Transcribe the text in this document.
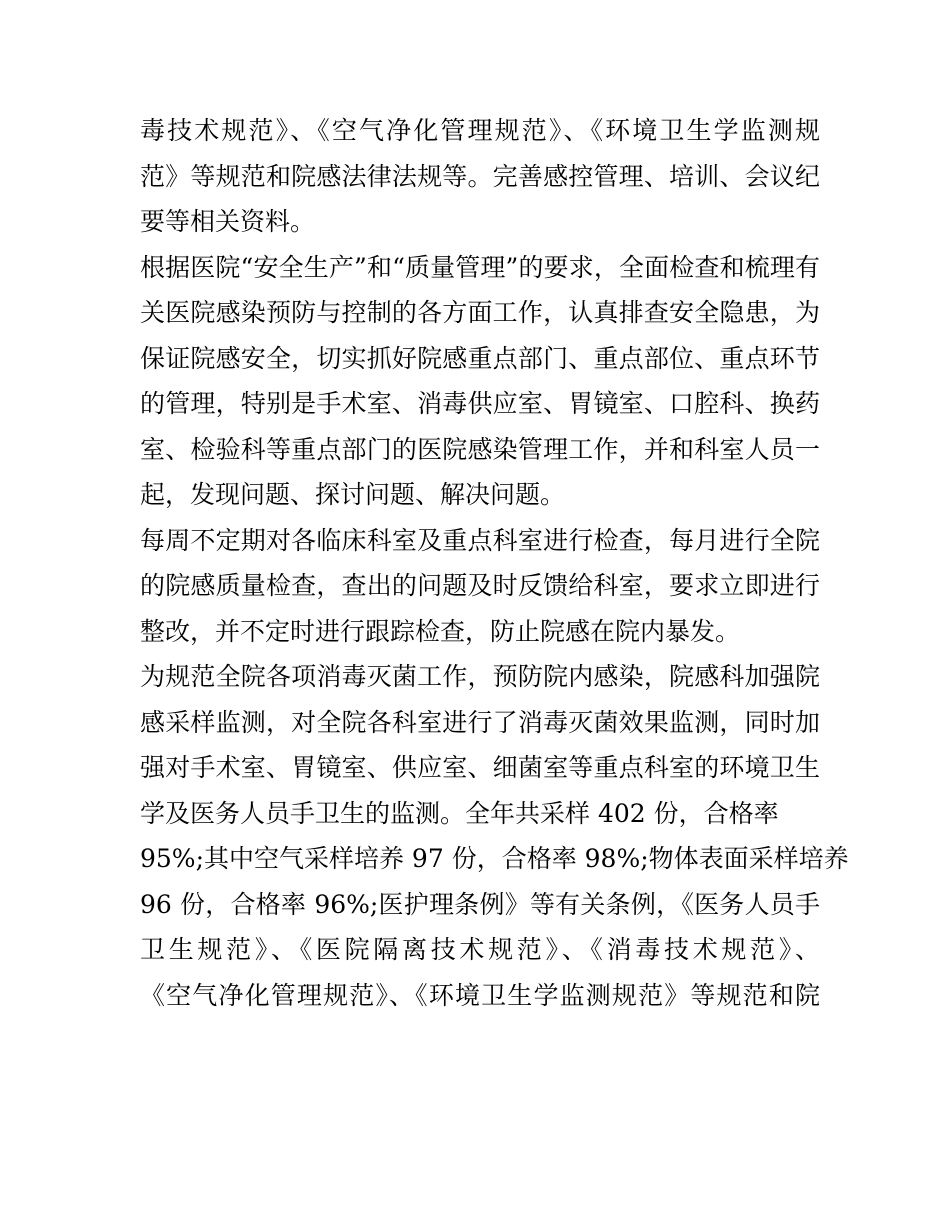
毒技术规范》、《空气净化管理规范》、《环境卫生学监测规
范》等规范和院感法律法规等。完善感控管理、培训、会议纪
要等相关资料。
根据医院“安全生产”和“质量管理”的要求，全面检查和梳理有
关医院感染预防与控制的各方面工作，认真排查安全隐患，为
保证院感安全，切实抓好院感重点部门、重点部位、重点环节
的管理，特别是手术室、消毒供应室、胃镜室、口腔科、换药
室、检验科等重点部门的医院感染管理工作，并和科室人员一
起，发现问题、探讨问题、解决问题。
每周不定期对各临床科室及重点科室进行检查，每月进行全院
的院感质量检查，查出的问题及时反馈给科室，要求立即进行
整改，并不定时进行跟踪检查，防止院感在院内暴发。
为规范全院各项消毒灭菌工作，预防院内感染，院感科加强院
感采样监测，对全院各科室进行了消毒灭菌效果监测，同时加
强对手术室、胃镜室、供应室、细菌室等重点科室的环境卫生
学及医务人员手卫生的监测。全年共采样 402 份，合格率
95%;其中空气采样培养 97 份，合格率 98%;物体表面采样培养
96 份，合格率 96%;医护理条例》等有关条例，《医务人员手
卫生规范》、《医院隔离技术规范》、《消毒技术规范》、
《空气净化管理规范》、《环境卫生学监测规范》等规范和院
